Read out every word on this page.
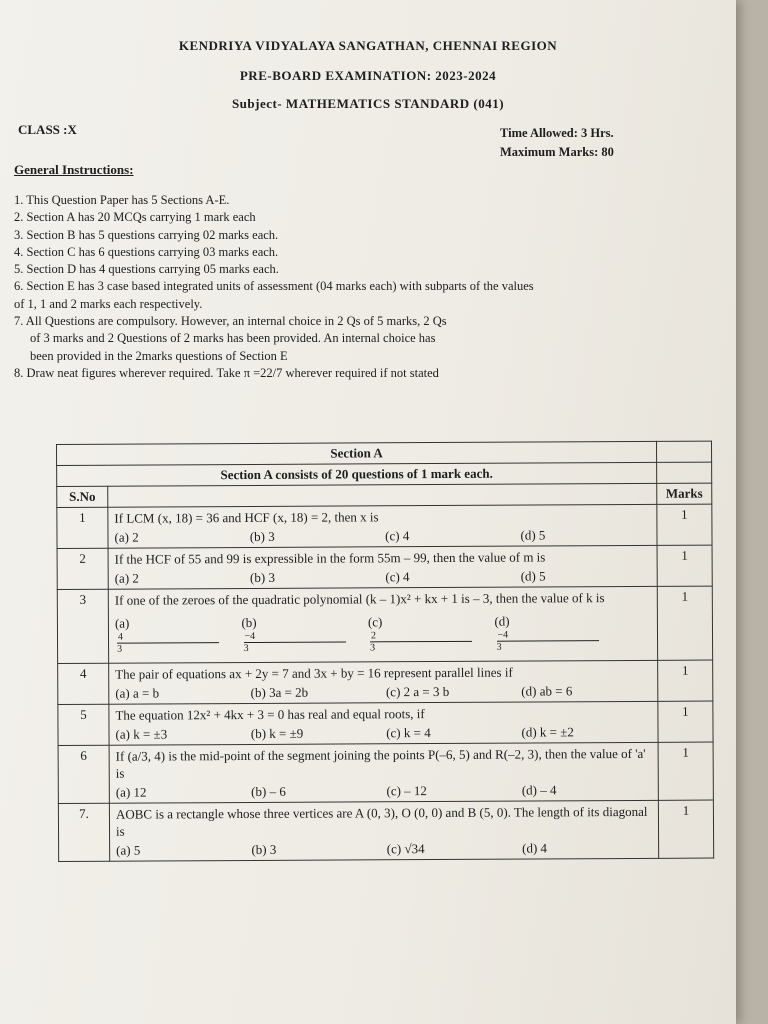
KENDRIYA VIDYALAYA SANGATHAN, CHENNAI REGION
PRE-BOARD EXAMINATION: 2023-2024
Subject- MATHEMATICS STANDARD (041)
CLASS :X	Time Allowed: 3 Hrs.
Maximum Marks: 80
General Instructions:
1. This Question Paper has 5 Sections A-E.
2. Section A has 20 MCQs carrying 1 mark each
3. Section B has 5 questions carrying 02 marks each.
4. Section C has 6 questions carrying 03 marks each.
5. Section D has 4 questions carrying 05 marks each.
6. Section E has 3 case based integrated units of assessment (04 marks each) with subparts of the values
of 1, 1 and 2 marks each respectively.
7. All Questions are compulsory. However, an internal choice in 2 Qs of 5 marks, 2 Qs
of 3 marks and 2 Questions of 2 marks has been provided. An internal choice has
been provided in the 2marks questions of Section E
8. Draw neat figures wherever required. Take π =22/7 wherever required if not stated
Section A		
Section A consists of 20 questions of 1 mark each.		
S.No		Marks
1	If LCM (x, 18) = 36 and HCF (x, 18) = 2, then x is
(a) 2 (b) 3 (c) 4 (d) 5	1
2	If the HCF of 55 and 99 is expressible in the form 55m – 99, then the value of m is
(a) 2 (b) 3 (c) 4 (d) 5	1
3	If one of the zeroes of the quadratic polynomial (k – 1)x² + kx + 1 is – 3, then the value of k is
$(a)\frac{4}{3}$
$(b)\frac{-4}{3}$
$(c)\frac{2}{3}$
$(d)\frac{-4}{3}$	1
4	The pair of equations ax + 2y = 7 and 3x + by = 16 represent parallel lines if
(a) a = b (b) 3a = 2b (c) 2 a = 3 b (d) ab = 6	1
5	The equation 12x² + 4kx + 3 = 0 has real and equal roots, if
(a) k = ±3 (b) k = ±9 (c) k = 4 (d) k = ±2	1
6	If (a/3, 4) is the mid-point of the segment joining the points P(–6, 5) and R(–2, 3), then the value of 'a' is
(a) 12 (b) – 6 (c) – 12 (d) – 4	1
7.	AOBC is a rectangle whose three vertices are A (0, 3), O (0, 0) and B (5, 0). The length of its diagonal is
(a) 5 (b) 3 (c) √34 (d) 4	1
